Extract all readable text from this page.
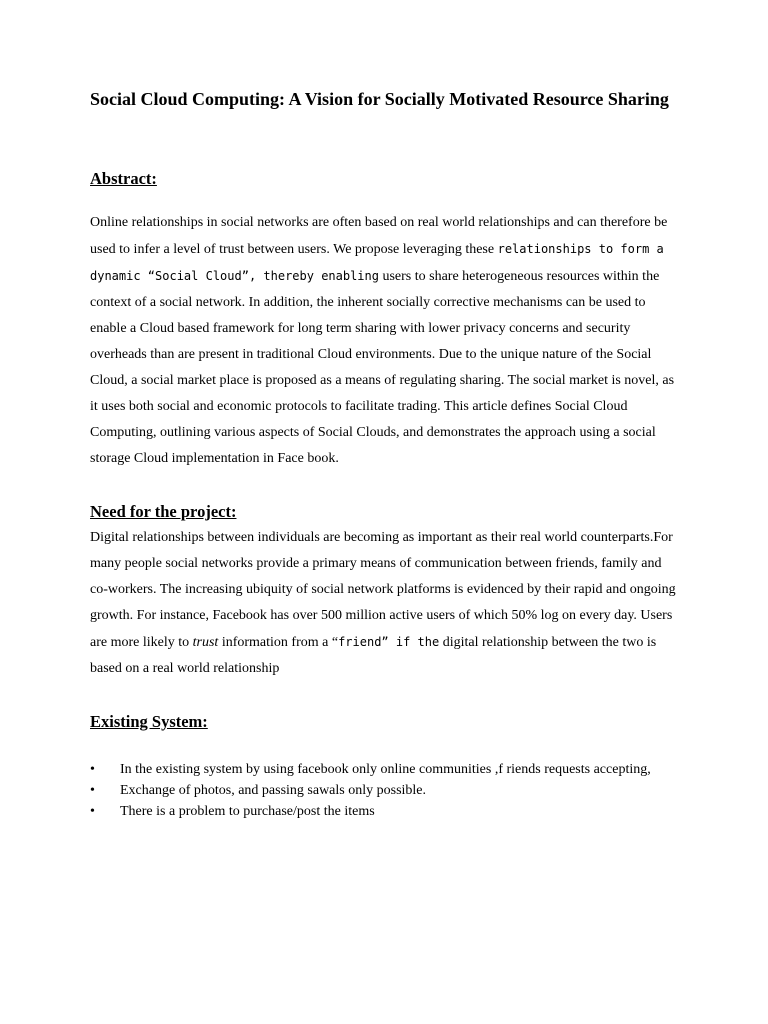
Social Cloud Computing: A Vision for Socially Motivated Resource Sharing
Abstract:

Online relationships in social networks are often based on real world relationships and can therefore be used to infer a level of trust between users. We propose leveraging these relationships to form a dynamic “Social Cloud”, thereby enabling users to share heterogeneous resources within the context of a social network. In addition, the inherent socially corrective mechanisms can be used to enable a Cloud based framework for long term sharing with lower privacy concerns and security overheads than are present in traditional Cloud environments. Due to the unique nature of the Social Cloud, a social market place is proposed as a means of regulating sharing. The social market is novel, as it uses both social and economic protocols to facilitate trading. This article defines Social Cloud Computing, outlining various aspects of Social Clouds, and demonstrates the approach using a social storage Cloud implementation in Face book.

Need for the project:

Digital relationships between individuals are becoming as important as their real world counterparts.For many people social networks provide a primary means of communication between friends, family and co-workers. The increasing ubiquity of social network platforms is evidenced by their rapid and ongoing growth. For instance, Facebook has over 500 million active users of which 50% log on every day. Users are more likely to trust information from a “friend” if the digital relationship between the two is based on a real world relationship

Existing System:
• In the existing system by using facebook only online communities ,f riends requests accepting,
• Exchange of photos, and passing sawals only possible.
• There is a problem to purchase/post the items
